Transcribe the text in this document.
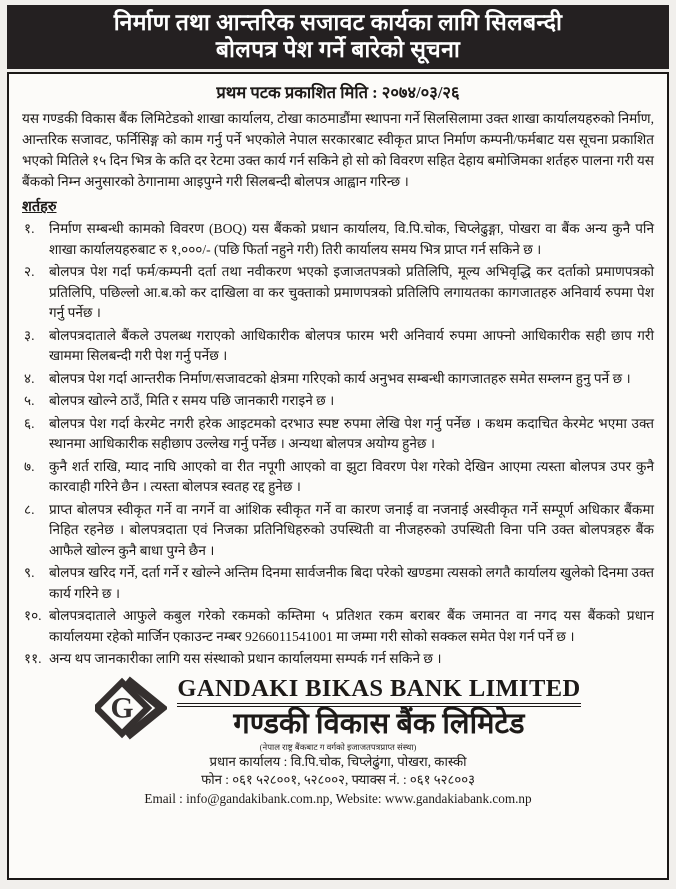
निर्माण तथा आन्तरिक सजावट कार्यका लागि सिलबन्दी
बोलपत्र पेश गर्ने बारेको सूचना
प्रथम पटक प्रकाशित मिति : २०७४/०३/२६
यस गण्डकी विकास बैंक लिमिटेडको शाखा कार्यालय, टोखा काठमाडौंमा स्थापना गर्ने सिलसिलामा उक्त शाखा कार्यालयहरुको निर्माण, आन्तरिक सजावट, फर्निसिङ्ग को काम गर्नु पर्ने भएकोले नेपाल सरकारबाट स्वीकृत प्राप्त निर्माण कम्पनी/फर्मबाट यस सूचना प्रकाशित भएको मितिले १५ दिन भित्र के कति दर रेटमा उक्त कार्य गर्न सकिने हो सो को विवरण सहित देहाय बमोजिमका शर्तहरु पालना गरी यस बैंकको निम्न अनुसारको ठेगानामा आइपुग्ने गरी सिलबन्दी बोलपत्र आह्वान गरिन्छ ।
शर्तहरु
१. निर्माण सम्बन्धी कामको विवरण (BOQ) यस बैंकको प्रधान कार्यालय, वि.पि.चोक, चिप्लेढुङ्गा, पोखरा वा बैंक अन्य कुनै पनि शाखा कार्यालयहरुबाट रु १,०००/- (पछि फिर्ता नहुने गरी) तिरी कार्यालय समय भित्र प्राप्त गर्न सकिने छ ।
२. बोलपत्र पेश गर्दा फर्म/कम्पनी दर्ता तथा नवीकरण भएको इजाजतपत्रको प्रतिलिपि, मूल्य अभिवृद्धि कर दर्ताको प्रमाणपत्रको प्रतिलिपि, पछिल्लो आ.ब.को कर दाखिला वा कर चुक्ताको प्रमाणपत्रको प्रतिलिपि लगायतका कागजातहरु अनिवार्य रुपमा पेश गर्नु पर्नेछ ।
३. बोलपत्रदाताले बैंकले उपलब्ध गराएको आधिकारीक बोलपत्र फारम भरी अनिवार्य रुपमा आफ्नो आधिकारीक सही छाप गरी खाममा सिलबन्दी गरी पेश गर्नु पर्नेछ ।
४. बोलपत्र पेश गर्दा आन्तरीक निर्माण/सजावटको क्षेत्रमा गरिएको कार्य अनुभव सम्बन्धी कागजातहरु समेत सम्लग्न हुनु पर्ने छ ।
५. बोलपत्र खोल्ने ठाउँ, मिति र समय पछि जानकारी गराइने छ ।
६. बोलपत्र पेश गर्दा केरमेट नगरी हरेक आइटमको दरभाउ स्पष्ट रुपमा लेखि पेश गर्नु पर्नेछ । कथम कदाचित केरमेट भएमा उक्त स्थानमा आधिकारीक सहीछाप उल्लेख गर्नु पर्नेछ । अन्यथा बोलपत्र अयोग्य हुनेछ ।
७. कुनै शर्त राखि, म्याद नाघि आएको वा रीत नपूगी आएको वा झुटा विवरण पेश गरेको देखिन आएमा त्यस्ता बोलपत्र उपर कुनै कारवाही गरिने छैन । त्यस्ता बोलपत्र स्वतह रद्द हुनेछ ।
८. प्राप्त बोलपत्र स्वीकृत गर्ने वा नगर्ने वा आंशिक स्वीकृत गर्ने वा कारण जनाई वा नजनाई अस्वीकृत गर्ने सम्पूर्ण अधिकार बैंकमा निहित रहनेछ । बोलपत्रदाता एवं निजका प्रतिनिधिहरुको उपस्थिती वा नीजहरुको उपस्थिती विना पनि उक्त बोलपत्रहरु बैंक आफैले खोल्न कुनै बाधा पुग्ने छैन ।
९. बोलपत्र खरिद गर्ने, दर्ता गर्ने र खोल्ने अन्तिम दिनमा सार्वजनीक बिदा परेको खण्डमा त्यसको लगतै कार्यालय खुलेको दिनमा उक्त कार्य गरिने छ ।
१०. बोलपत्रदाताले आफुले कबुल गरेको रकमको कम्तिमा ५ प्रतिशत रकम बराबर बैंक जमानत वा नगद यस बैंकको प्रधान कार्यालयमा रहेको मार्जिन एकाउन्ट नम्बर 9266011541001 मा जम्मा गरी सोको सक्कल समेत पेश गर्न पर्ने छ ।
११. अन्य थप जानकारीका लागि यस संस्थाको प्रधान कार्यालयमा सम्पर्क गर्न सकिने छ ।
G
GANDAKI BIKAS BANK LIMITED
गण्डकी विकास बैंक लिमिटेड
(नेपाल राष्ट्र बैंकबाट ग वर्गको इजाजतपत्रप्राप्त संस्था)
प्रधान कार्यालय : वि.पि.चोक, चिप्लेढुंगा, पोखरा, कास्की
फोन : ०६१ ५२८००१, ५२८००२, फ्याक्स नं. : ०६१ ५२८००३
Email : info@gandakibank.com.np, Website: www.gandakiabank.com.np
